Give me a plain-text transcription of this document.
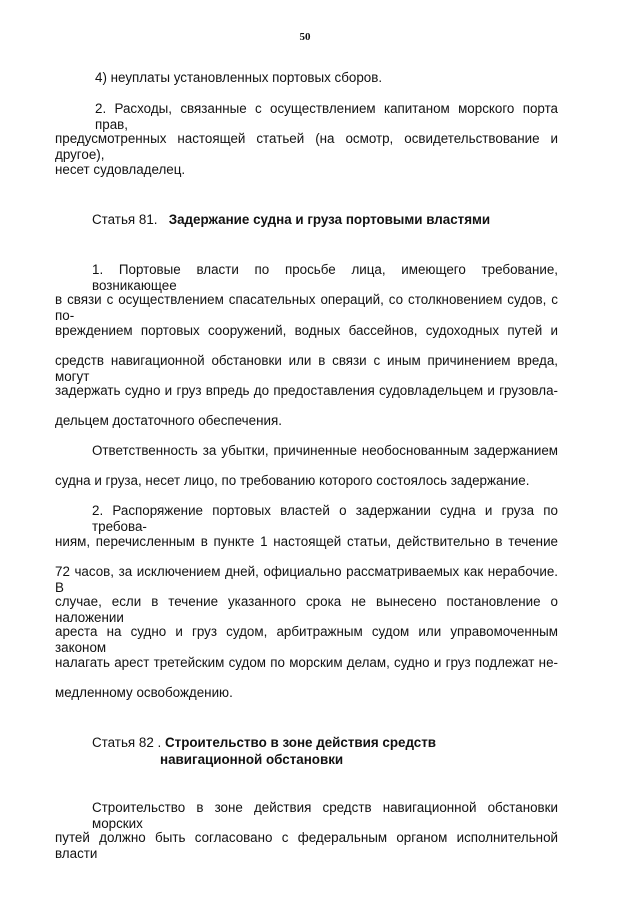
50
4) неуплаты установленных портовых сборов.
2. Расходы, связанные с осуществлением капитаном морского порта прав,
предусмотренных настоящей статьей (на осмотр, освидетельствование и другое),
несет судовладелец.
Статья 81. Задержание судна и груза портовыми властями
1. Портовые власти по просьбе лица, имеющего требование, возникающее
в связи с осуществлением спасательных операций, со столкновением судов, с по-
вреждением портовых сооружений, водных бассейнов, судоходных путей и
средств навигационной обстановки или в связи с иным причинением вреда, могут
задержать судно и груз впредь до предоставления судовладельцем и грузовла-
дельцем достаточного обеспечения.
Ответственность за убытки, причиненные необоснованным задержанием
судна и груза, несет лицо, по требованию которого состоялось задержание.
2. Распоряжение портовых властей о задержании судна и груза по требова-
ниям, перечисленным в пункте 1 настоящей статьи, действительно в течение
72 часов, за исключением дней, официально рассматриваемых как нерабочие. В
случае, если в течение указанного срока не вынесено постановление о наложении
ареста на судно и груз судом, арбитражным судом или управомоченным законом
налагать арест третейским судом по морским делам, судно и груз подлежат не-
медленному освобождению.
Статья 82 . Строительство в зоне действия средств
навигационной обстановки
Строительство в зоне действия средств навигационной обстановки морских
путей должно быть согласовано с федеральным органом исполнительной власти
